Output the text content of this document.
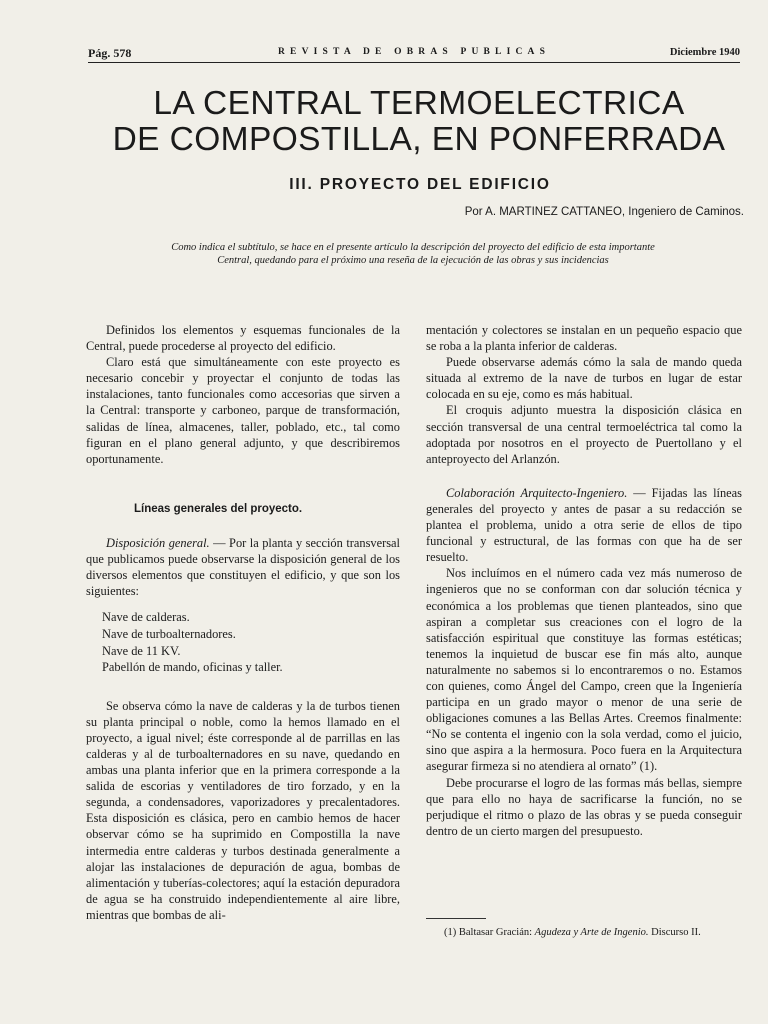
Pág. 578	REVISTA DE OBRAS PUBLICAS	Diciembre 1940
LA CENTRAL TERMOELECTRICA
DE COMPOSTILLA, EN PONFERRADA
III. PROYECTO DEL EDIFICIO
Por A. MARTINEZ CATTANEO, Ingeniero de Caminos.

Como indica el subtítulo, se hace en el presente artículo la descripción del proyecto del edificio de esta importante Central, quedando para el próximo una reseña de la ejecución de las obras y sus incidencias

Definidos los elementos y esquemas funcionales de la Central, puede procederse al proyecto del edificio.

Claro está que simultáneamente con este proyecto es necesario concebir y proyectar el conjunto de todas las instalaciones, tanto funcionales como accesorias que sirven a la Central: transporte y carboneo, parque de transformación, salidas de línea, almacenes, taller, poblado, etc., tal como figuran en el plano general adjunto, y que describiremos oportunamente.

Líneas generales del proyecto.

Disposición general. — Por la planta y sección transversal que publicamos puede observarse la disposición general de los diversos elementos que constituyen el edificio, y que son los siguientes:

Nave de calderas.
Nave de turboalternadores.
Nave de 11 KV.
Pabellón de mando, oficinas y taller.

Se observa cómo la nave de calderas y la de turbos tienen su planta principal o noble, como la hemos llamado en el proyecto, a igual nivel; éste corresponde al de parrillas en las calderas y al de turboalternadores en su nave, quedando en ambas una planta inferior que en la primera corresponde a la salida de escorias y ventiladores de tiro forzado, y en la segunda, a condensadores, vaporizadores y precalentadores. Esta disposición es clásica, pero en cambio hemos de hacer observar cómo se ha suprimido en Compostilla la nave intermedia entre calderas y turbos destinada generalmente a alojar las instalaciones de depuración de agua, bombas de alimentación y tuberías-colectores; aquí la estación depuradora de agua se ha construido independientemente al aire libre, mientras que bombas de ali-

mentación y colectores se instalan en un pequeño espacio que se roba a la planta inferior de calderas.

Puede observarse además cómo la sala de mando queda situada al extremo de la nave de turbos en lugar de estar colocada en su eje, como es más habitual.

El croquis adjunto muestra la disposición clásica en sección transversal de una central termoeléctrica tal como la adoptada por nosotros en el proyecto de Puertollano y el anteproyecto del Arlanzón.

Colaboración Arquitecto-Ingeniero. — Fijadas las líneas generales del proyecto y antes de pasar a su redacción se plantea el problema, unido a otra serie de ellos de tipo funcional y estructural, de las formas con que ha de ser resuelto.

Nos incluímos en el número cada vez más numeroso de ingenieros que no se conforman con dar solución técnica y económica a los problemas que tienen planteados, sino que aspiran a completar sus creaciones con el logro de la satisfacción espiritual que constituye las formas estéticas; tenemos la inquietud de buscar ese fin más alto, aunque naturalmente no sabemos si lo encontraremos o no. Estamos con quienes, como Ángel del Campo, creen que la Ingeniería participa en un grado mayor o menor de una serie de obligaciones comunes a las Bellas Artes. Creemos finalmente: “No se contenta el ingenio con la sola verdad, como el juicio, sino que aspira a la hermosura. Poco fuera en la Arquitectura asegurar firmeza si no atendiera al ornato” (1).

Debe procurarse el logro de las formas más bellas, siempre que para ello no haya de sacrificarse la función, no se perjudique el ritmo o plazo de las obras y se pueda conseguir dentro de un cierto margen del presupuesto.

(1) Baltasar Gracián: Agudeza y Arte de Ingenio. Discurso II.
